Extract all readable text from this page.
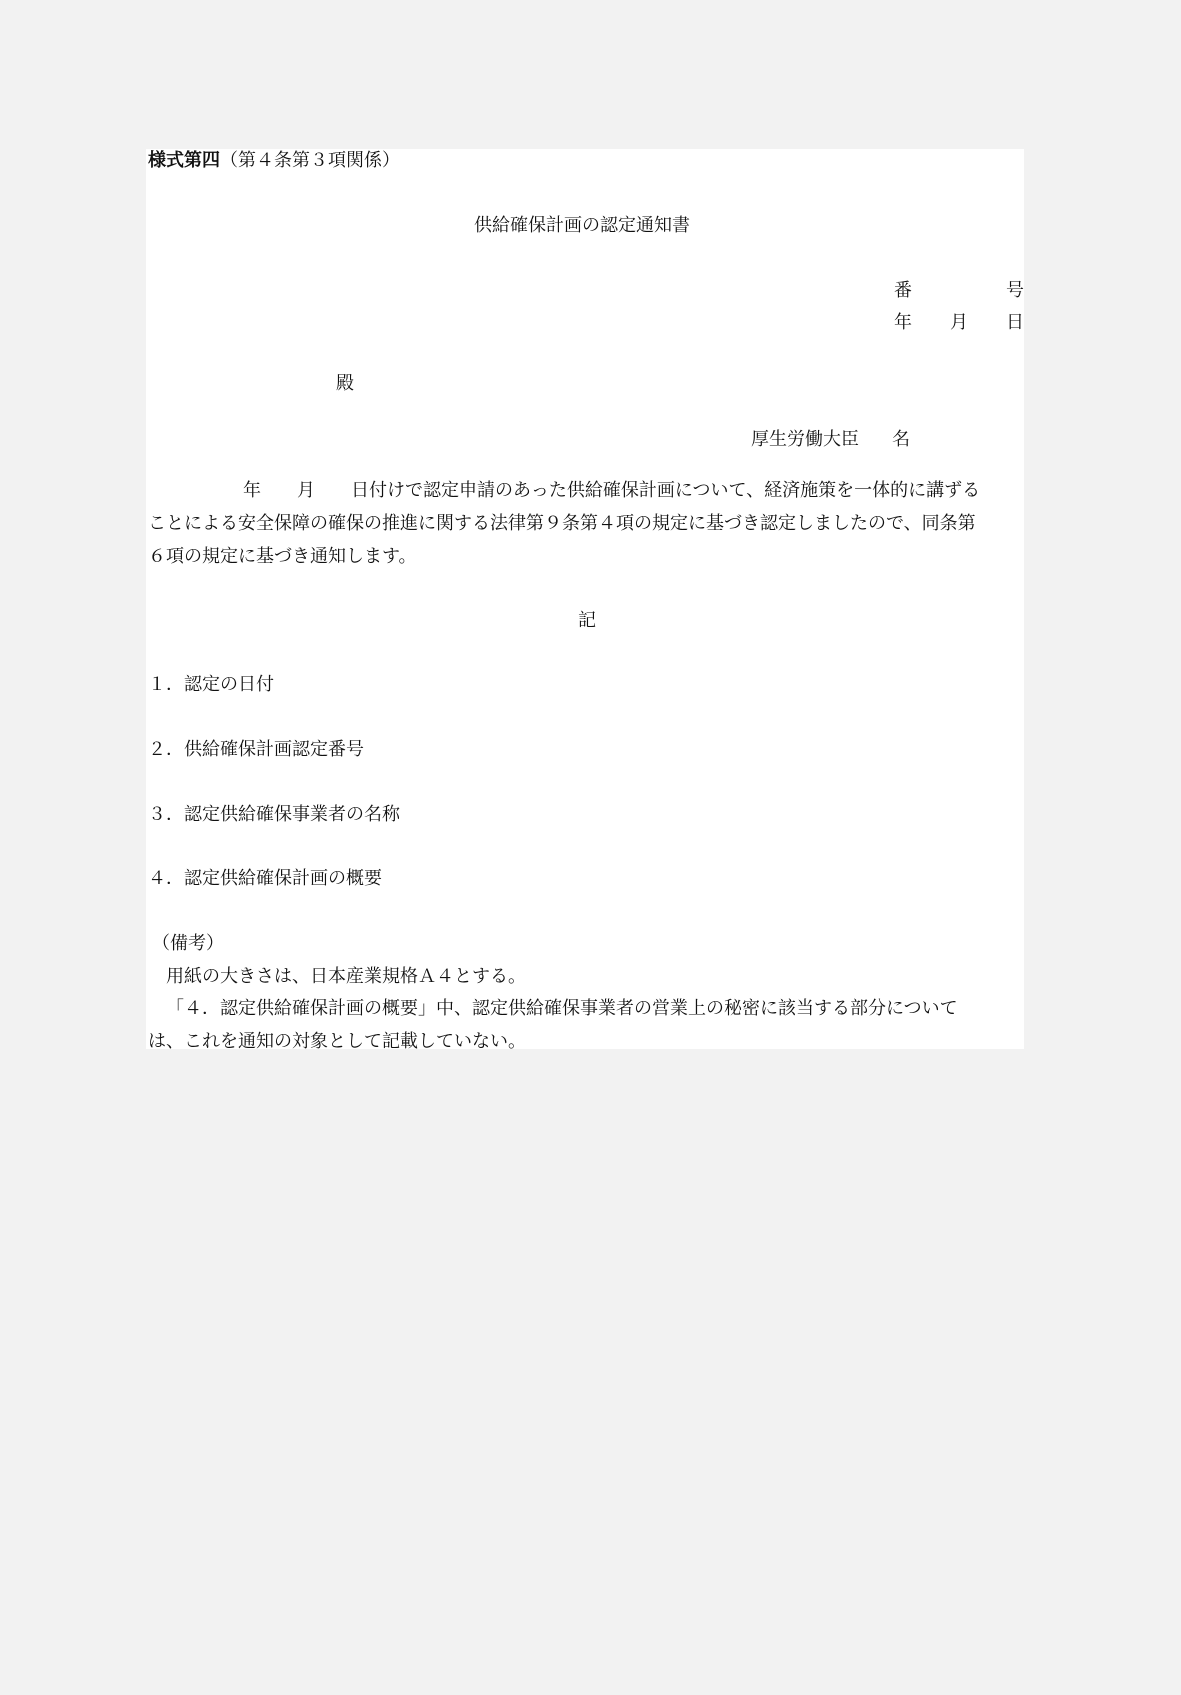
様式第四（第４条第３項関係）
供給確保計画の認定通知書
番	号
年 月 日
殿
厚生労働大臣 名
年　　月　　日付けで認定申請のあった供給確保計画について、経済施策を一体的に講ずる
ことによる安全保障の確保の推進に関する法律第９条第４項の規定に基づき認定しましたので、同条第
６項の規定に基づき通知します。
記
１．認定の日付
２．供給確保計画認定番号
３．認定供給確保事業者の名称
４．認定供給確保計画の概要
（備考）
用紙の大きさは、日本産業規格Ａ４とする。
「４．認定供給確保計画の概要」中、認定供給確保事業者の営業上の秘密に該当する部分について
は、これを通知の対象として記載していない。
